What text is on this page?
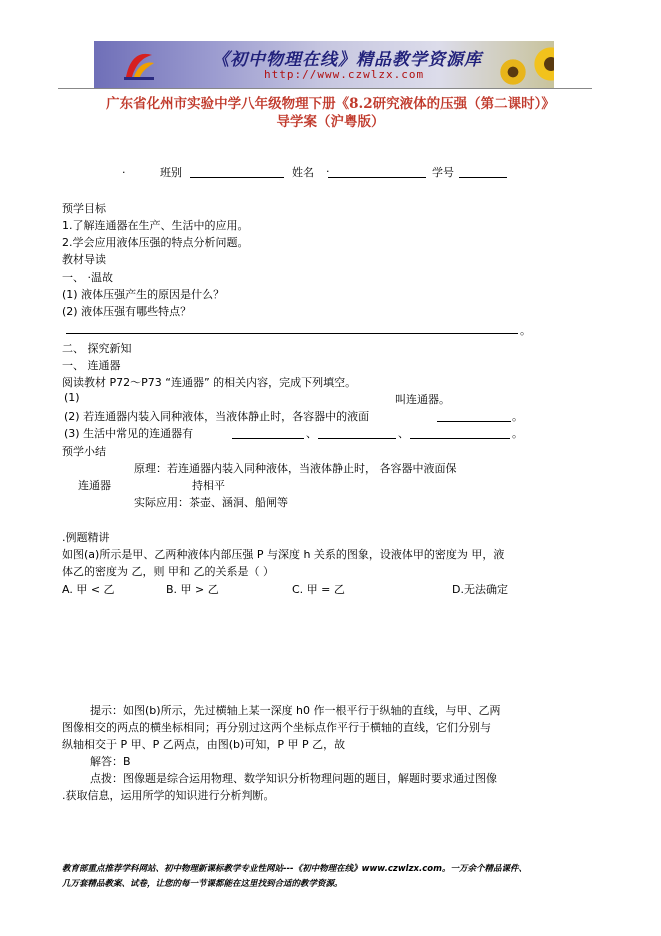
《初中物理在线》精品教学资源库
http://www.czwlzx.com
广东省化州市实验中学八年级物理下册《8.2研究液体的压强（第二课时）》
导学案（沪粤版）
·	班别	姓名 .	学号
预学目标
1.了解连通器在生产、生活中的应用。
2.学会应用液体压强的特点分析问题。
教材导读
一、 ·温故
(1) 液体压强产生的原因是什么？
(2) 液体压强有哪些特点？
。
二、 探究新知
一、 连通器
阅读教材 P72～P73 “连通器” 的相关内容，完成下列填空。
(1)	叫连通器。
(2) 若连通器内装入同种液体，当液体静止时，各容器中的液面	。
(3) 生活中常见的连通器有	、	、	。
预学小结
原理：若连通器内装入同种液体，当液体静止时， 各容器中液面保
连通器	持相平
实际应用：茶壶、涵洞、船闸等
.例题精讲
如图(a)所示是甲、乙两种液体内部压强 P 与深度 h 关系的图象，设液体甲的密度为 甲，液
体乙的密度为 乙，则 甲和 乙的关系是（ ）
A. 甲 < 乙	B. 甲 > 乙	C. 甲 = 乙	D.无法确定
提示：如图(b)所示，先过横轴上某一深度 h0 作一根平行于纵轴的直线，与甲、乙两
图像相交的两点的横坐标相同；再分别过这两个坐标点作平行于横轴的直线，它们分别与
纵轴相交于 P 甲、P 乙两点，由图(b)可知，P 甲 P 乙，故
解答：B
点拨：图像题是综合运用物理、数学知识分析物理问题的题目，解题时要求通过图像
.获取信息，运用所学的知识进行分析判断。
教育部重点推荐学科网站、初中物理新课标教学专业性网站---《初中物理在线》www.czwlzx.com。一万余个精品课件、
几万套精品教案、试卷，让您的每一节课都能在这里找到合适的教学资源。
